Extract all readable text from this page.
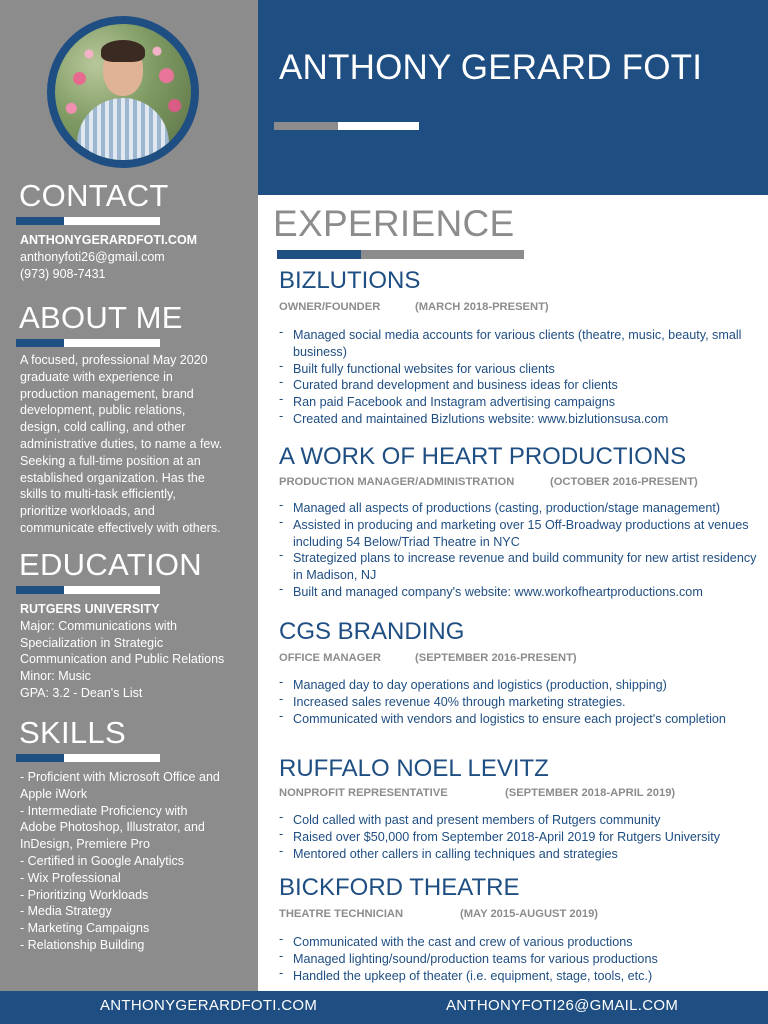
CONTACT
ANTHONYGERARDFOTI.COM
anthonyfoti26@gmail.com
(973) 908-7431
ABOUT ME
A focused, professional May 2020
graduate with experience in
production management, brand
development, public relations,
design, cold calling, and other
administrative duties, to name a few.
Seeking a full-time position at an
established organization. Has the
skills to multi-task efficiently,
prioritize workloads, and
communicate effectively with others.
EDUCATION
RUTGERS UNIVERSITY
Major: Communications with
Specialization in Strategic
Communication and Public Relations
Minor: Music
GPA: 3.2 - Dean's List
SKILLS
- Proficient with Microsoft Office and
Apple iWork
- Intermediate Proficiency with
Adobe Photoshop, Illustrator, and
InDesign, Premiere Pro
- Certified in Google Analytics
- Wix Professional
- Prioritizing Workloads
- Media Strategy
- Marketing Campaigns
- Relationship Building
ANTHONY GERARD FOTI
EXPERIENCE
BIZLUTIONS
OWNER/FOUNDER	(MARCH 2018-PRESENT)
- Managed social media accounts for various clients (theatre, music, beauty, small business)
- Built fully functional websites for various clients
- Curated brand development and business ideas for clients
- Ran paid Facebook and Instagram advertising campaigns
- Created and maintained Bizlutions website: www.bizlutionsusa.com
A WORK OF HEART PRODUCTIONS
PRODUCTION MANAGER/ADMINISTRATION	(OCTOBER 2016-PRESENT)
- Managed all aspects of productions (casting, production/stage management)
- Assisted in producing and marketing over 15 Off-Broadway productions at venues including 54 Below/Triad Theatre in NYC
- Strategized plans to increase revenue and build community for new artist residency in Madison, NJ
- Built and managed company's website: www.workofheartproductions.com
CGS BRANDING
OFFICE MANAGER	(SEPTEMBER 2016-PRESENT)
- Managed day to day operations and logistics (production, shipping)
- Increased sales revenue 40% through marketing strategies.
- Communicated with vendors and logistics to ensure each project's completion
RUFFALO NOEL LEVITZ
NONPROFIT REPRESENTATIVE	(SEPTEMBER 2018-APRIL 2019)
- Cold called with past and present members of Rutgers community
- Raised over $50,000 from September 2018-April 2019 for Rutgers University
- Mentored other callers in calling techniques and strategies
BICKFORD THEATRE
THEATRE TECHNICIAN	(MAY 2015-AUGUST 2019)
- Communicated with the cast and crew of various productions
- Managed lighting/sound/production teams for various productions
- Handled the upkeep of theater (i.e. equipment, stage, tools, etc.)
ANTHONYGERARDFOTI.COM	ANTHONYFOTI26@GMAIL.COM
